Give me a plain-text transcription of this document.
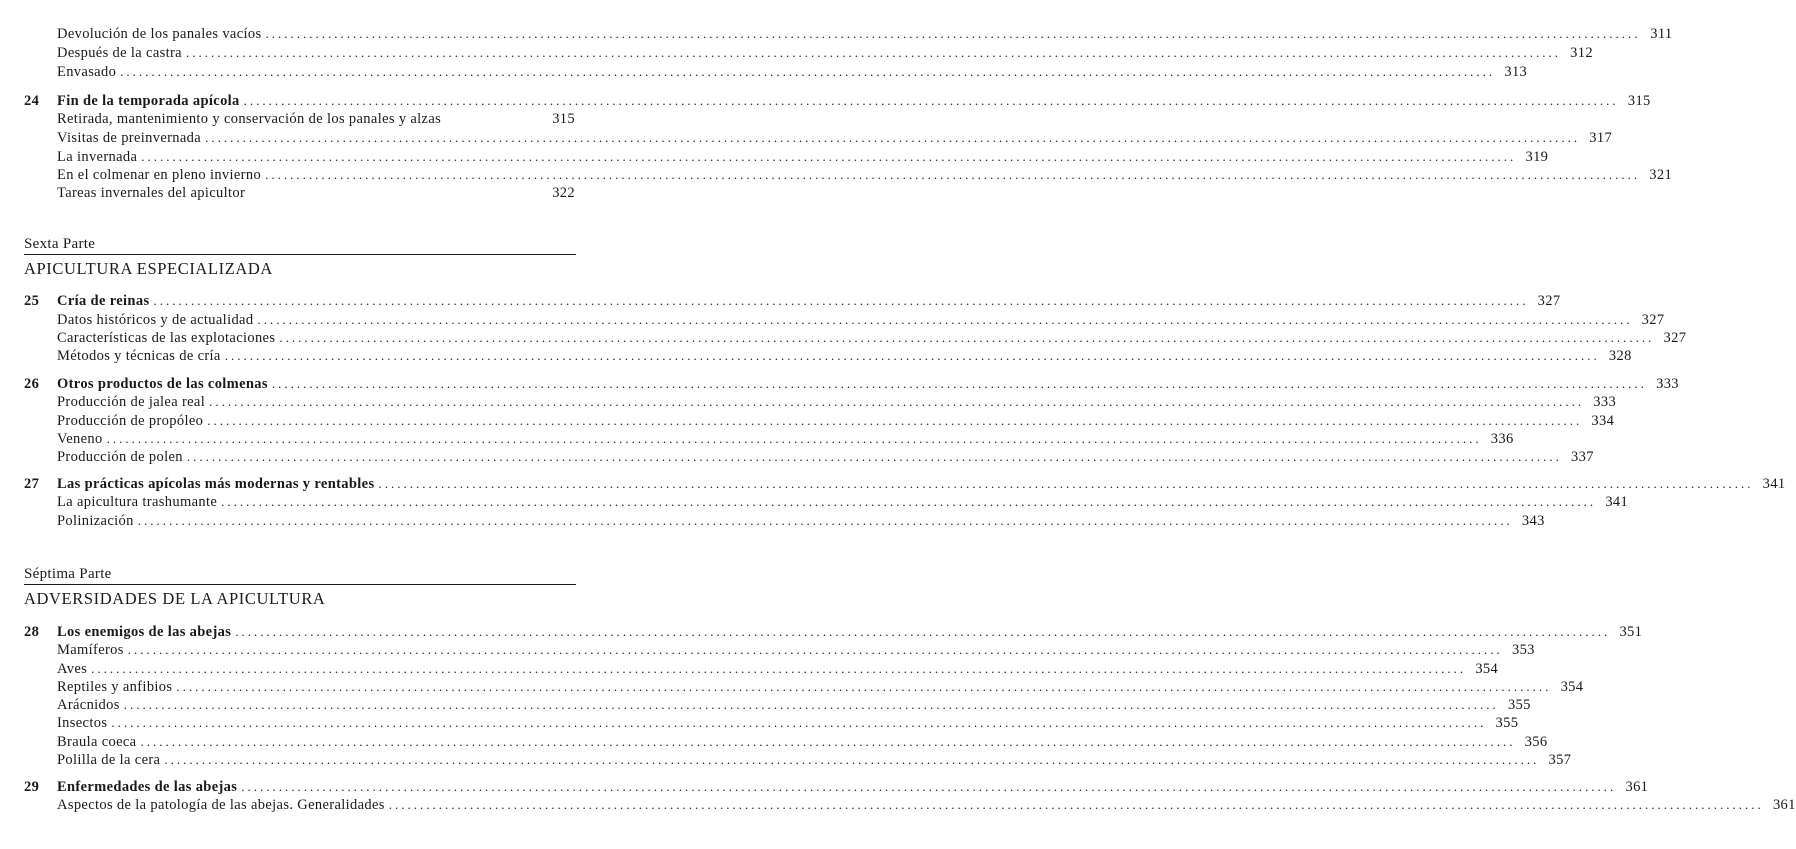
Devolución de los panales vacíos ............................................................................................................................................................................................................................ 311
Después de la castra ............................................................................................................................................................................................................................ 312
Envasado ............................................................................................................................................................................................................................ 313
24	Fin de la temporada apícola ............................................................................................................................................................................................................................ 315
Retirada, mantenimiento y conservación de los panales y alzas	315
Visitas de preinvernada ............................................................................................................................................................................................................................ 317
La invernada ............................................................................................................................................................................................................................ 319
En el colmenar en pleno invierno ............................................................................................................................................................................................................................ 321
Tareas invernales del apicultor	322
Sexta Parte
APICULTURA ESPECIALIZADA
25	Cría de reinas ............................................................................................................................................................................................................................ 327
Datos históricos y de actualidad ............................................................................................................................................................................................................................ 327
Características de las explotaciones ............................................................................................................................................................................................................................ 327
Métodos y técnicas de cría ............................................................................................................................................................................................................................ 328
26	Otros productos de las colmenas ............................................................................................................................................................................................................................ 333
Producción de jalea real ............................................................................................................................................................................................................................ 333
Producción de propóleo ............................................................................................................................................................................................................................ 334
Veneno ............................................................................................................................................................................................................................ 336
Producción de polen ............................................................................................................................................................................................................................ 337
27	Las prácticas apícolas más modernas y rentables ............................................................................................................................................................................................................................ 341
La apicultura trashumante ............................................................................................................................................................................................................................ 341
Polinización ............................................................................................................................................................................................................................ 343
Séptima Parte
ADVERSIDADES DE LA APICULTURA
28	Los enemigos de las abejas ............................................................................................................................................................................................................................ 351
Mamíferos ............................................................................................................................................................................................................................ 353
Aves ............................................................................................................................................................................................................................ 354
Reptiles y anfibios ............................................................................................................................................................................................................................ 354
Arácnidos ............................................................................................................................................................................................................................ 355
Insectos ............................................................................................................................................................................................................................ 355
Braula coeca ............................................................................................................................................................................................................................ 356
Polilla de la cera ............................................................................................................................................................................................................................ 357
29	Enfermedades de las abejas ............................................................................................................................................................................................................................ 361
Aspectos de la patología de las abejas. Generalidades ............................................................................................................................................................................................................................ 361
